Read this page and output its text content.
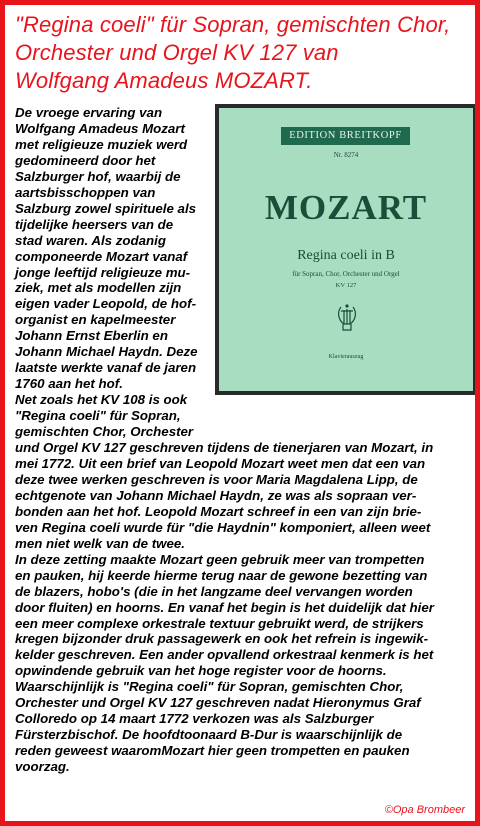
"Regina coeli" für Sopran, gemischten Chor,
Orchester und Orgel KV 127 van
Wolfgang Amadeus MOZART.
EDITION BREITKOPF
Nr. 8274
MOZART
Regina coeli in B
für Sopran, Chor, Orchester und Orgel
KV 127
Klavierauszug
De vroege ervaring van
Wolfgang Amadeus Mozart
met religieuze muziek werd
gedomineerd door het
Salzburger hof, waarbij de
aartsbisschoppen van
Salzburg zowel spirituele als
tijdelijke heersers van de
stad waren. Als zodanig
componeerde Mozart vanaf
jonge leeftijd religieuze mu-
ziek, met als modellen zijn
eigen vader Leopold, de hof-
organist en kapelmeester
Johann Ernst Eberlin en
Johann Michael Haydn. Deze
laatste werkte vanaf de jaren
1760 aan het hof.
Net zoals het KV 108 is ook
"Regina coeli" für Sopran,
gemischten Chor, Orchester
und Orgel KV 127 geschreven tijdens de tienerjaren van Mozart, in
mei 1772. Uit een brief van Leopold Mozart weet men dat een van
deze twee werken geschreven is voor Maria Magdalena Lipp, de
echtgenote van Johann Michael Haydn, ze was als sopraan ver-
bonden aan het hof. Leopold Mozart schreef in een van zijn brie-
ven Regina coeli wurde für "die Haydnin" komponiert, alleen weet
men niet welk van de twee.
In deze zetting maakte Mozart geen gebruik meer van trompetten
en pauken, hij keerde hierme terug naar de gewone bezetting van
de blazers, hobo's (die in het langzame deel vervangen worden
door fluiten) en hoorns. En vanaf het begin is het duidelijk dat hier
een meer complexe orkestrale textuur gebruikt werd, de strijkers
kregen bijzonder druk passagewerk en ook het refrein is ingewik-
kelder geschreven. Een ander opvallend orkestraal kenmerk is het
opwindende gebruik van het hoge register voor de hoorns.
Waarschijnlijk is "Regina coeli" für Sopran, gemischten Chor,
Orchester und Orgel KV 127 geschreven nadat Hieronymus Graf
Colloredo op 14 maart 1772 verkozen was als Salzburger
Fürsterzbischof. De hoofdtoonaard B-Dur is waarschijnlijk de
reden geweest waaromMozart hier geen trompetten en pauken
voorzag.
©Opa Brombeer
